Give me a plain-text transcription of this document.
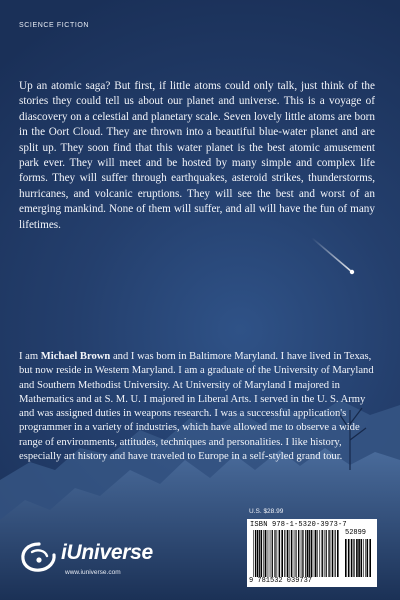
SCIENCE FICTION

Up an atomic saga? But first, if little atoms could only talk, just think of the stories they could tell us about our planet and universe. This is a voyage of diascovery on a celestial and planetary scale. Seven lovely little atoms are born in the Oort Cloud. They are thrown into a beautiful blue-water planet and are split up. They soon find that this water planet is the best atomic amusement park ever. They will meet and be hosted by many simple and complex life forms. They will suffer through earthquakes, asteroid strikes, thunderstorms, hurricanes, and volcanic eruptions. They will see the best and worst of an emerging mankind. None of them will suffer, and all will have the fun of many lifetimes.

I am Michael Brown and I was born in Baltimore Maryland. I have lived in Texas, but now reside in Western Maryland. I am a graduate of the University of Maryland and Southern Methodist University. At University of Maryland I majored in Mathematics and at S. M. U. I majored in Liberal Arts. I served in the U. S. Army and was assigned duties in weapons research. I was a successful application's programmer in a variety of industries, which have allowed me to observe a wide range of environments, attitudes, techniques and personalities. I like history, especially art history and have traveled to Europe in a self-styled grand tour.

U.S. $28.99
ISBN 978-1-5320-3973-7
52899
9 781532 039737
iUniverse
www.iuniverse.com
